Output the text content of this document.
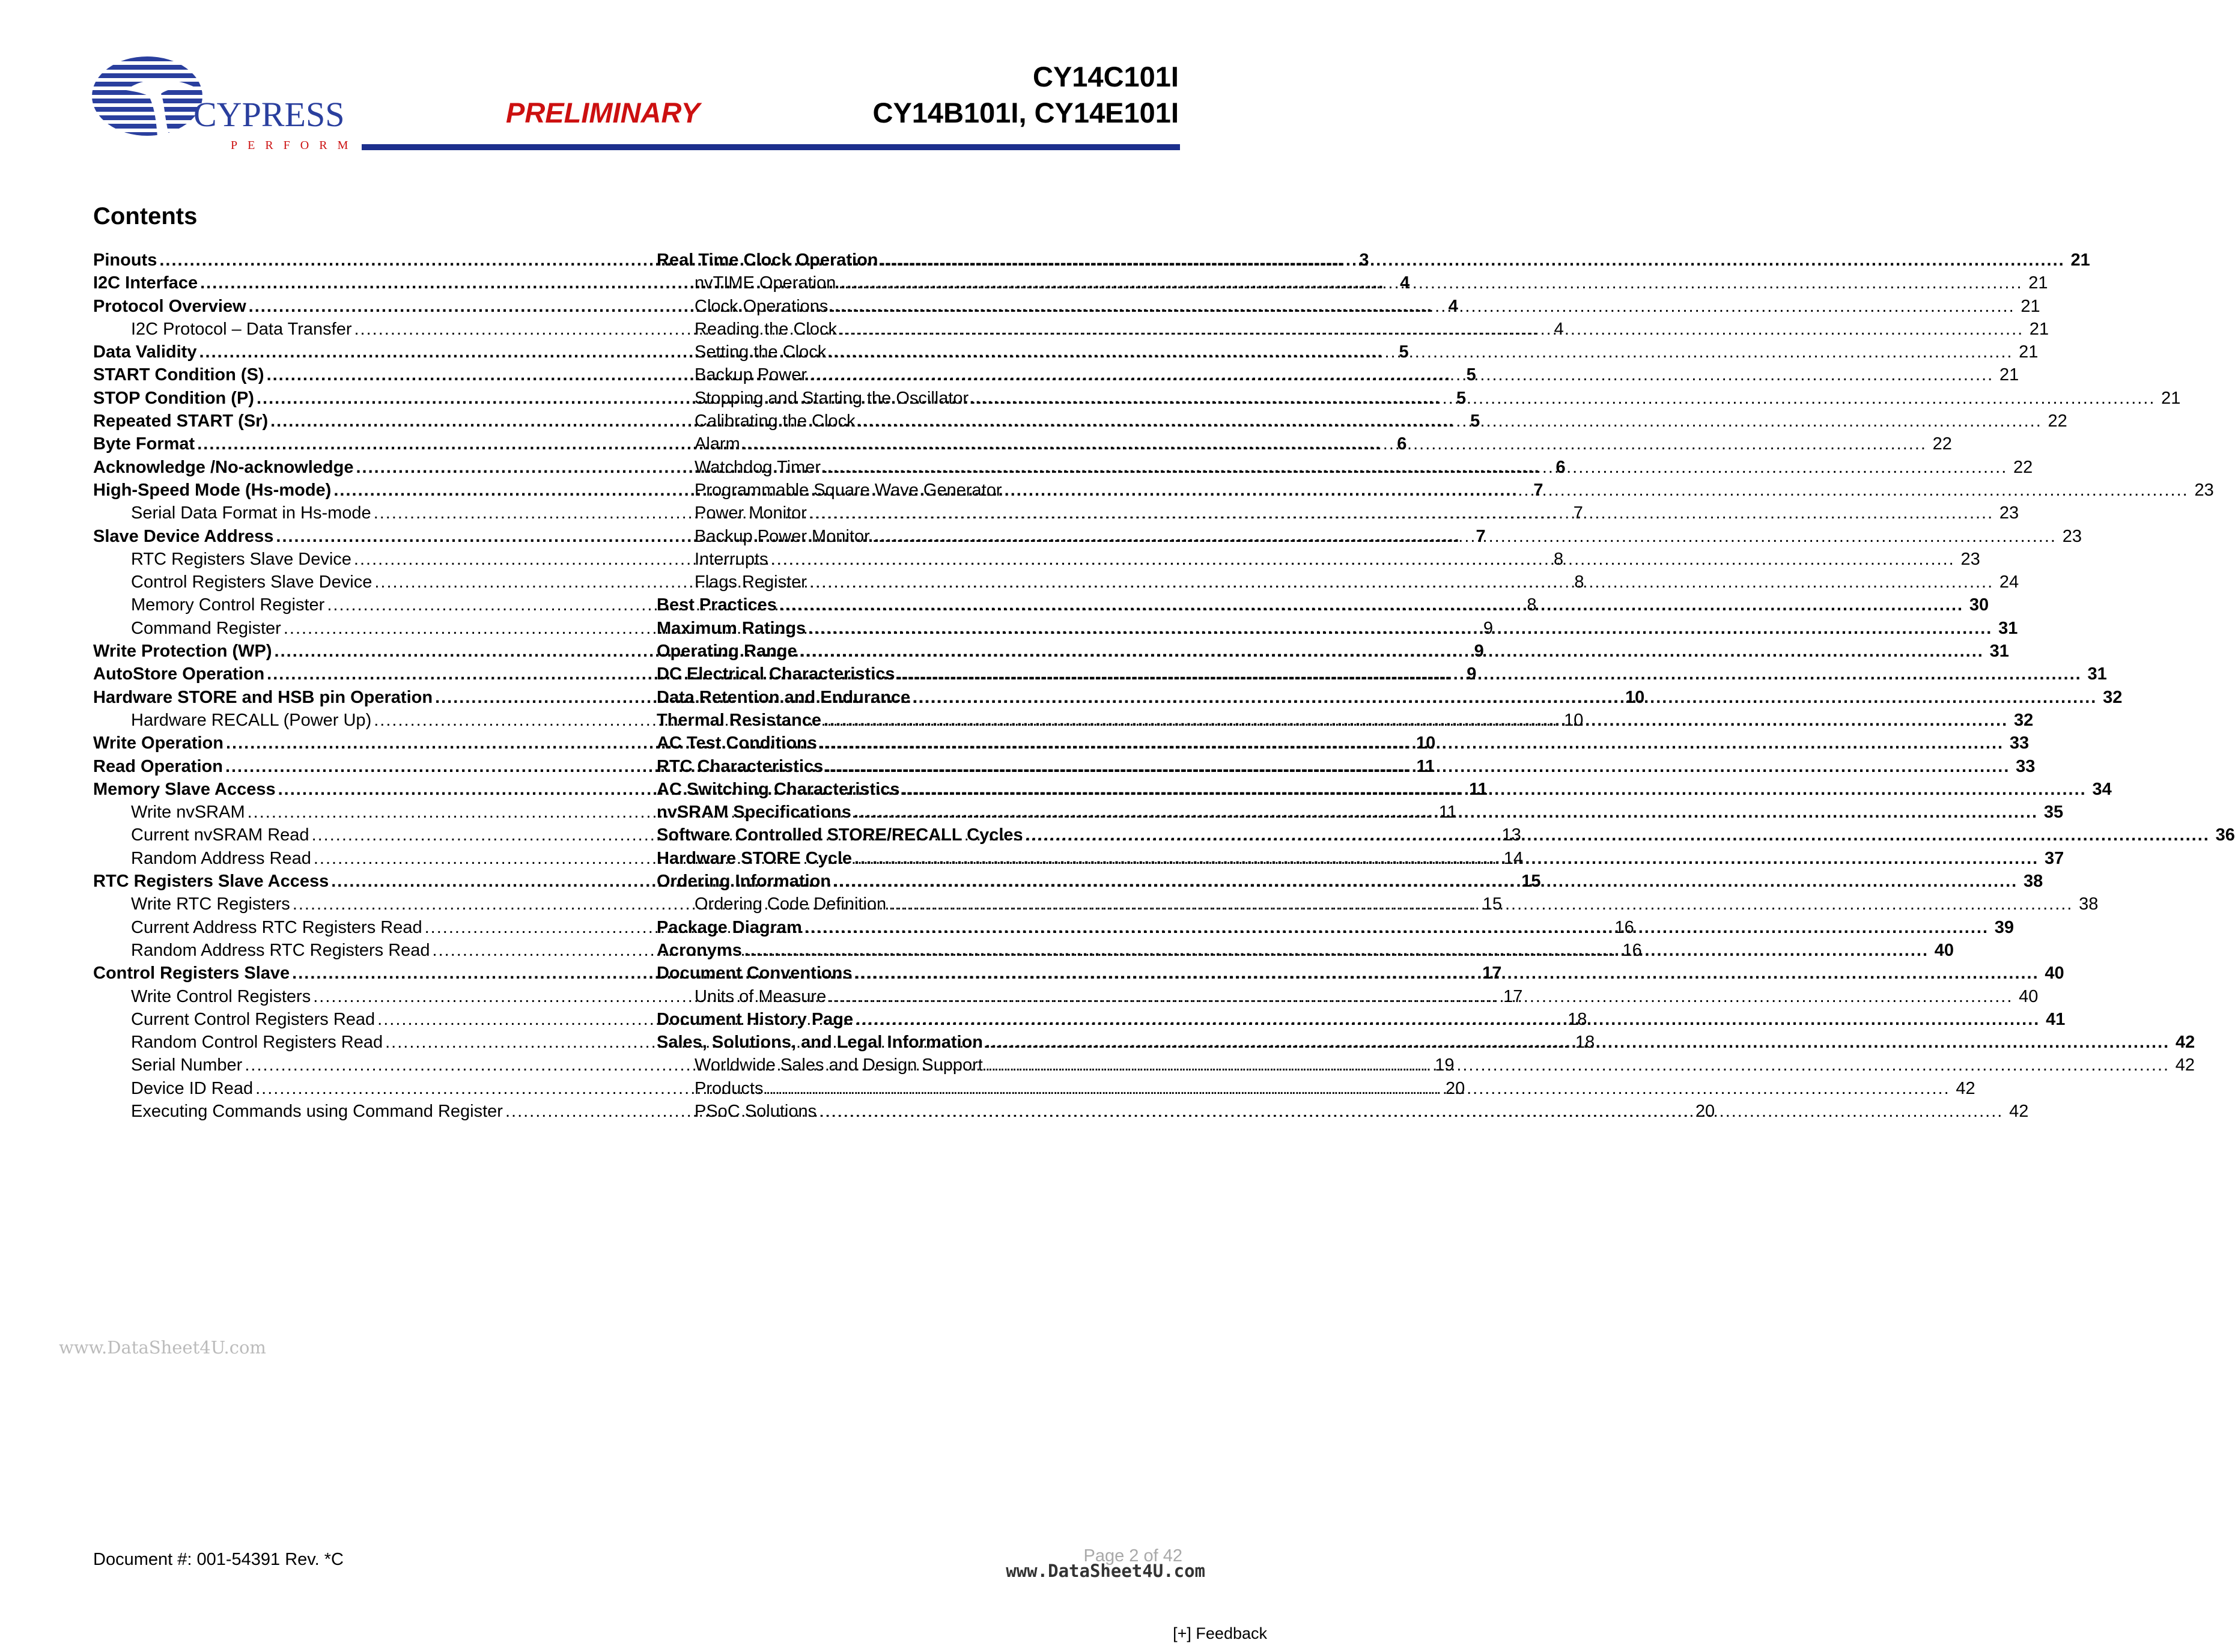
CYPRESS
PERFORM
PRELIMINARY
CY14C101I
CY14B101I, CY14E101I
Contents
Pinouts .....	3
I2C Interface .....	4
Protocol Overview .....	4
I2C Protocol – Data Transfer .....	4
Data Validity .....	5
START Condition (S) .....	5
STOP Condition (P) .....	5
Repeated START (Sr) .....	5
Byte Format .....	6
Acknowledge /No-acknowledge .....	6
High-Speed Mode (Hs-mode) .....	7
Serial Data Format in Hs-mode .....	7
Slave Device Address .....	7
RTC Registers Slave Device .....	8
Control Registers Slave Device .....	8
Memory Control Register .....	8
Command Register .....	9
Write Protection (WP) .....	9
AutoStore Operation .....	9
Hardware STORE and HSB pin Operation .....	10
Hardware RECALL (Power Up) .....	10
Write Operation .....	10
Read Operation .....	11
Memory Slave Access .....	11
Write nvSRAM .....	11
Current nvSRAM Read .....	13
Random Address Read .....	14
RTC Registers Slave Access .....	15
Write RTC Registers .....	15
Current Address RTC Registers Read .....	16
Random Address RTC Registers Read .....	16
Control Registers Slave .....	17
Write Control Registers .....	17
Current Control Registers Read .....	18
Random Control Registers Read .....	18
Serial Number .....	19
Device ID Read .....	20
Executing Commands using Command Register .....	20
Real Time Clock Operation .....	21
nvTIME Operation .....	21
Clock Operations .....	21
Reading the Clock .....	21
Setting the Clock .....	21
Backup Power .....	21
Stopping and Starting the Oscillator .....	21
Calibrating the Clock .....	22
Alarm .....	22
Watchdog Timer .....	22
Programmable Square Wave Generator .....	23
Power Monitor .....	23
Backup Power Monitor .....	23
Interrupts .....	23
Flags Register .....	24
Best Practices .....	30
Maximum Ratings .....	31
Operating Range .....	31
DC Electrical Characteristics .....	31
Data Retention and Endurance .....	32
Thermal Resistance .....	32
AC Test Conditions .....	33
RTC Characteristics .....	33
AC Switching Characteristics .....	34
nvSRAM Specifications .....	35
Software Controlled STORE/RECALL Cycles .....	36
Hardware STORE Cycle .....	37
Ordering Information .....	38
Ordering Code Definition .....	38
Package Diagram .....	39
Acronyms .....	40
Document Conventions .....	40
Units of Measure .....	40
Document History Page .....	41
Sales, Solutions, and Legal Information .....	42
Worldwide Sales and Design Support .....	42
Products .....	42
PSoC Solutions .....	42
www.DataSheet4U.com
Document #: 001-54391 Rev. *C	Page 2 of 42
www.DataSheet4U.com
[+] Feedback
